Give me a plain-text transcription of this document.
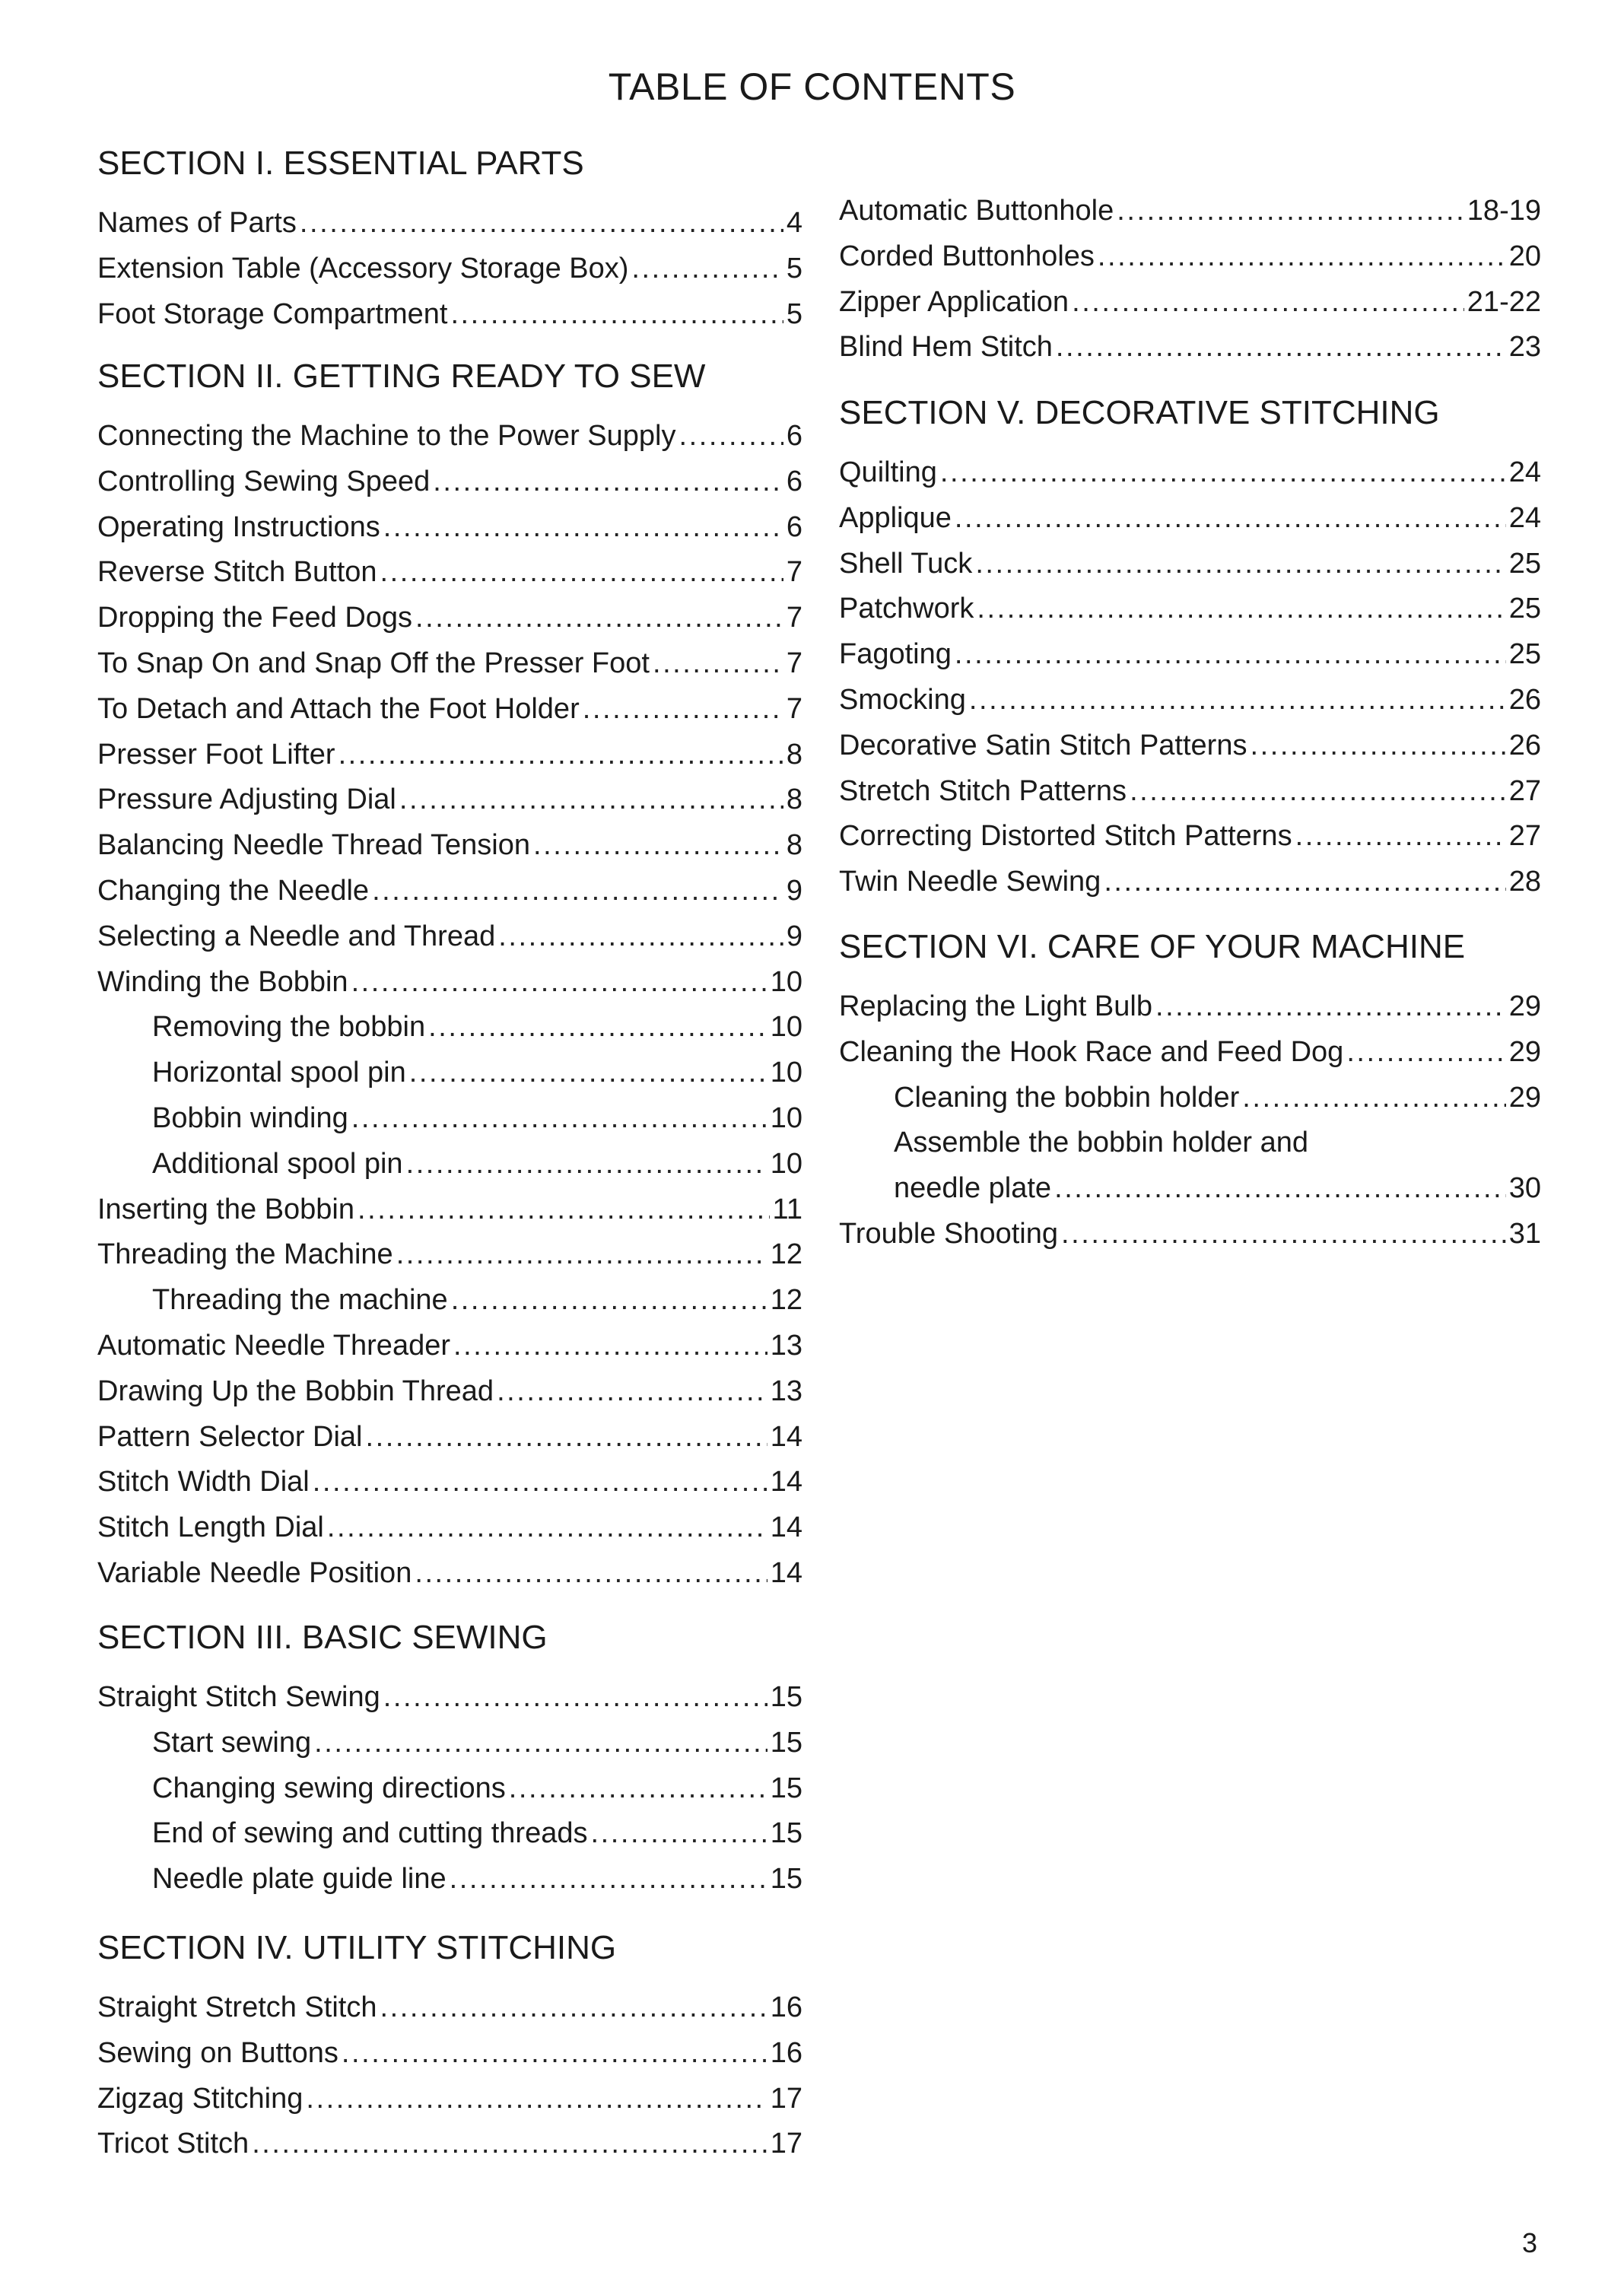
TABLE OF CONTENTS
SECTION I. ESSENTIAL PARTS
Names of Parts . . .	4
Extension Table (Accessory Storage Box) . . .	5
Foot Storage Compartment . . .	5
SECTION II. GETTING READY TO SEW
Connecting the Machine to the Power Supply . . .	6
Controlling Sewing Speed . . .	6
Operating Instructions . . .	6
Reverse Stitch Button . . .	7
Dropping the Feed Dogs . . .	7
To Snap On and Snap Off the Presser Foot . . .	7
To Detach and Attach the Foot Holder . . .	7
Presser Foot Lifter . . .	8
Pressure Adjusting Dial . . .	8
Balancing Needle Thread Tension . . .	8
Changing the Needle . . .	9
Selecting a Needle and Thread . . .	9
Winding the Bobbin . . .	10
Removing the bobbin . . .	10
Horizontal spool pin . . .	10
Bobbin winding . . .	10
Additional spool pin . . .	10
Inserting the Bobbin . . .	11
Threading the Machine . . .	12
Threading the machine . . .	12
Automatic Needle Threader . . .	13
Drawing Up the Bobbin Thread . . .	13
Pattern Selector Dial . . .	14
Stitch Width Dial . . .	14
Stitch Length Dial . . .	14
Variable Needle Position . . .	14
SECTION III. BASIC SEWING
Straight Stitch Sewing . . .	15
Start sewing . . .	15
Changing sewing directions . . .	15
End of sewing and cutting threads . . .	15
Needle plate guide line . . .	15
SECTION IV. UTILITY STITCHING
Straight Stretch Stitch . . .	16
Sewing on Buttons . . .	16
Zigzag Stitching . . .	17
Tricot Stitch . . .	17
Automatic Buttonhole . . .	18-19
Corded Buttonholes . . .	20
Zipper Application . . .	21-22
Blind Hem Stitch . . .	23
SECTION V. DECORATIVE STITCHING
Quilting . . .	24
Applique . . .	24
Shell Tuck . . .	25
Patchwork . . .	25
Fagoting . . .	25
Smocking . . .	26
Decorative Satin Stitch Patterns . . .	26
Stretch Stitch Patterns . . .	27
Correcting Distorted Stitch Patterns . . .	27
Twin Needle Sewing . . .	28
SECTION VI. CARE OF YOUR MACHINE
Replacing the Light Bulb . . .	29
Cleaning the Hook Race and Feed Dog . . .	29
Cleaning the bobbin holder . . .	29
Assemble the bobbin holder and
needle plate . . .	30
Trouble Shooting . . .	31
3
